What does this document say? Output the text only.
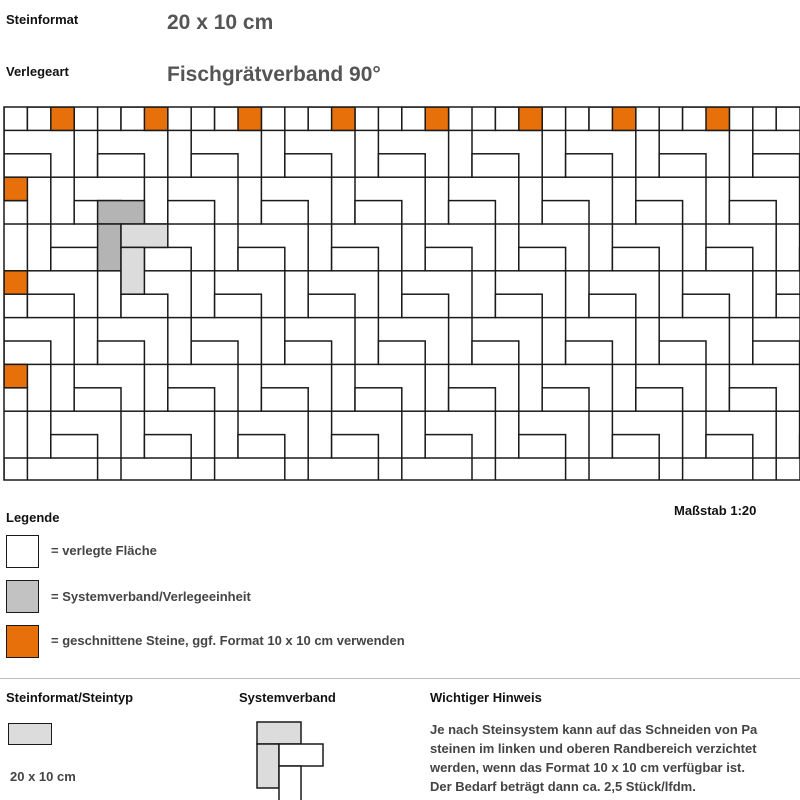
Steinformat	20 x 10 cm
Verlegeart	Fischgrätverband 90°
Maßstab 1:20
Legende
= verlegte Fläche
= Systemverband/Verlegeeinheit
= geschnittene Steine, ggf. Format 10 x 10 cm verwenden
Steinformat/Steintyp
20 x 10 cm
Systemverband	Wichtiger Hinweis
Je nach Steinsystem kann auf das Schneiden von Pa
steinen im linken und oberen Randbereich verzichtet
werden, wenn das Format 10 x 10 cm verfügbar ist.
Der Bedarf beträgt dann ca. 2,5 Stück/lfdm.
